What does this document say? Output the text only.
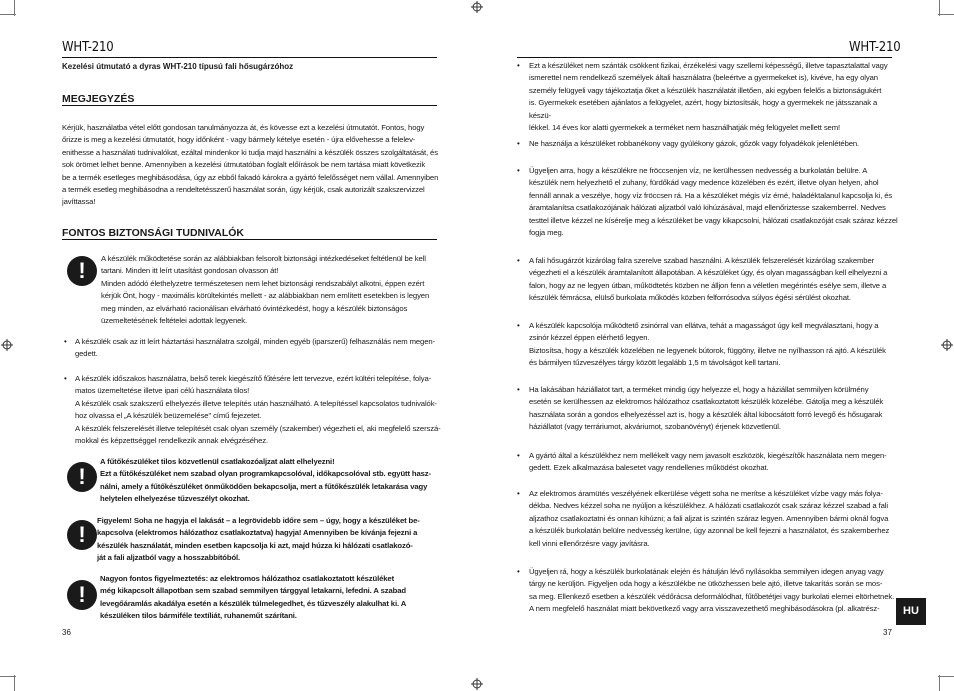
WHT-210
Kezelési útmutató a dyras WHT-210 típusú fali hősugárzóhoz
MEGJEGYZÉS
Kérjük, használatba vétel előtt gondosan tanulmányozza át, és kövesse ezt a kezelési útmutatót. Fontos, hogy
őrizze is meg a kezelési útmutatót, hogy időnként - vagy bármely kételye esetén - újra elővehesse a felelev-
enithesse a használati tudnivalókat, ezáltal mindenkor ki tudja majd használni a készülék összes szolgáltatását, és
sok örömet lelhet benne. Amennyiben a kezelési útmutatóban foglalt előírások be nem tartása miatt következik
be a termék esetleges meghibásodása, úgy az ebből fakadó károkra a gyártó felelősséget nem vállal. Amennyiben
a termék esetleg meghibásodna a rendeltetésszerű használat során, úgy kérjük, csak autorizált szakszervizzel
javíttassa!
FONTOS BIZTONSÁGI TUDNIVALÓK
!	A készülék működtetése során az alábbiakban felsorolt biztonsági intézkedéseket feltétlenül be kell
tartani. Minden itt leírt utasítást gondosan olvasson át!
Minden adódó élethelyzetre természetesen nem lehet biztonsági rendszabályt alkotni, éppen ezért
kérjük Önt, hogy - maximális körültekintés mellett - az alábbiakban nem említett esetekben is legyen
meg minden, az elvárható racionálisan elvárható óvintézkedést, hogy a készülék biztonságos
üzemeltetésének feltételei adottak legyenek.
• A készülék csak az itt leírt háztartási használatra szolgál, minden egyéb (iparszerű) felhasználás nem megen-
gedett.
• A készülék időszakos használatra, belső terek kiegészítő fűtésére lett tervezve, ezért kültéri telepítése, folya-
matos üzemeltetése illetve ipari célú használata tilos!
A készülék csak szakszerű elhelyezés illetve telepítés után használható. A telepítéssel kapcsolatos tudnivalók-
hoz olvassa el „A készülék beüzemelése" című fejezetet.
A készülék felszerelését illetve telepítését csak olyan személy (szakember) végezheti el, aki megfelelő szerszá-
mokkal és képzettséggel rendelkezik annak elvégzéséhez.
!
A fűtőkészüléket tilos közvetlenül csatlakozóaljzat alatt elhelyezni!
Ezt a fűtőkészüléket nem szabad olyan programkapcsolóval, időkapcsolóval stb. együtt hasz-
nálni, amely a fűtőkészüléket önműködően bekapcsolja, mert a fűtőkészülék letakarása vagy
helytelen elhelyezése tűzveszélyt okozhat.
!
Figyelem! Soha ne hagyja el lakását – a legrövidebb időre sem – úgy, hogy a készüléket be-
kapcsolva (elektromos hálózathoz csatlakoztatva) hagyja! Amennyiben be kívánja fejezni a
készülék használatát, minden esetben kapcsolja ki azt, majd húzza ki hálózati csatlakozó-
ját a fali aljzatból vagy a hosszabbítóból.
!
Nagyon fontos figyelmeztetés: az elektromos hálózathoz csatlakoztatott készüléket
még kikapcsolt állapotban sem szabad semmilyen tárggyal letakarni, lefedni. A szabad
levegőáramlás akadálya esetén a készülék túlmelegedhet, és tűzveszély alakulhat ki. A
készüléken tilos bármiféle textíliát, ruhaneműt szárítani.
36
WHT-210
• Ezt a készüléket nem szánták csökkent fizikai, érzékelési vagy szellemi képességű, illetve tapasztalattal vagy
ismerettel nem rendelkező személyek általi használatra (beleértve a gyermekeket is), kivéve, ha egy olyan
személy felügyeli vagy tájékoztatja őket a készülék használatát illetően, aki egyben felelős a biztonságukért
is. Gyermekek esetében ajánlatos a felügyelet, azért, hogy biztosítsák, hogy a gyermekek ne játsszanak a készü-
lékkel. 14 éves kor alatti gyermekek a terméket nem használhatják még felügyelet mellett sem!
• Ne használja a készüléket robbanékony vagy gyúlékony gázok, gőzök vagy folyadékok jelenlétében.
• Ügyeljen arra, hogy a készülékre ne fröccsenjen víz, ne kerülhessen nedvesség a burkolatán belülre. A
készülék nem helyezhető el zuhany, fürdőkád vagy medence közelében és ezért, illetve olyan helyen, ahol
fennáll annak a veszélye, hogy víz fröccsen rá. Ha a készüléket mégis víz érné, haladéktalanul kapcsolja ki, és
áramtalanítsa csatlakozójának hálózati aljzatból való kihúzásával, majd ellenőriztesse szakemberrel. Nedves
testtel illetve kézzel ne kísérelje meg a készüléket be vagy kikapcsolni, hálózati csatlakozóját csak száraz kézzel
fogja meg.
• A fali hősugárzót kizárólag falra szerelve szabad használni. A készülék felszerelését kizárólag szakember
végezheti el a készülék áramtalanított állapotában. A készüléket úgy, és olyan magasságban kell elhelyezni a
falon, hogy az ne legyen útban, működtetés közben ne álljon fenn a véletlen megérintés esélye sem, illetve a
készülék fémrácsa, elülső burkolata működés közben felforrósodva súlyos égési sérülést okozhat.
• A készülék kapcsolója működtető zsinórral van ellátva, tehát a magasságot úgy kell megválasztani, hogy a
zsinór kézzel éppen elérhető legyen.
Biztosítsa, hogy a készülék közelében ne legyenek bútorok, függöny, illetve ne nyílhasson rá ajtó. A készülék
és bármilyen tűzveszélyes tárgy között legalább 1,5 m távolságot kell tartani.
• Ha lakásában háziállatot tart, a terméket mindig úgy helyezze el, hogy a háziállat semmilyen körülmény
esetén se kerülhessen az elektromos hálózathoz csatlakoztatott készülék közelébe. Gátolja meg a készülék
használata során a gondos elhelyezéssel azt is, hogy a készülék által kibocsátott forró levegő és hősugarak
háziállatot (vagy terráriumot, akváriumot, szobanövényt) érjenek közvetlenül.
• A gyártó által a készülékhez nem mellékelt vagy nem javasolt eszközök, kiegészítők használata nem megen-
gedett. Ezek alkalmazása balesetet vagy rendellenes működést okozhat.
• Az elektromos áramütés veszélyének elkerülése végett soha ne merítse a készüléket vízbe vagy más folya-
dékba. Nedves kézzel soha ne nyúljon a készülékhez. A hálózati csatlakozót csak száraz kézzel szabad a fali
aljzathoz csatlakoztatni és onnan kihúzni; a fali aljzat is szintén száraz legyen. Amennyiben bármi oknál fogva
a készülék burkolatán belülre nedvesség kerülne, úgy azonnal be kell fejezni a használatot, és szakemberhez
kell vinni ellenőrzésre vagy javításra.
• Ügyeljen rá, hogy a készülék burkolatának elején és hátulján lévő nyílásokba semmilyen idegen anyag vagy
tárgy ne kerüljön. Figyeljen oda hogy a készülékbe ne ütközhessen bele ajtó, illetve takarítás során se mos-
sa meg. Ellenkező esetben a készülék védőrácsa deformálódhat, fűtőbetétjei vagy burkolati elemei eltörhetnek.
A nem megfelelő használat miatt bekövetkező vagy arra visszavezethető meghibásodásokra (pl. alkatrész-	HU
37
